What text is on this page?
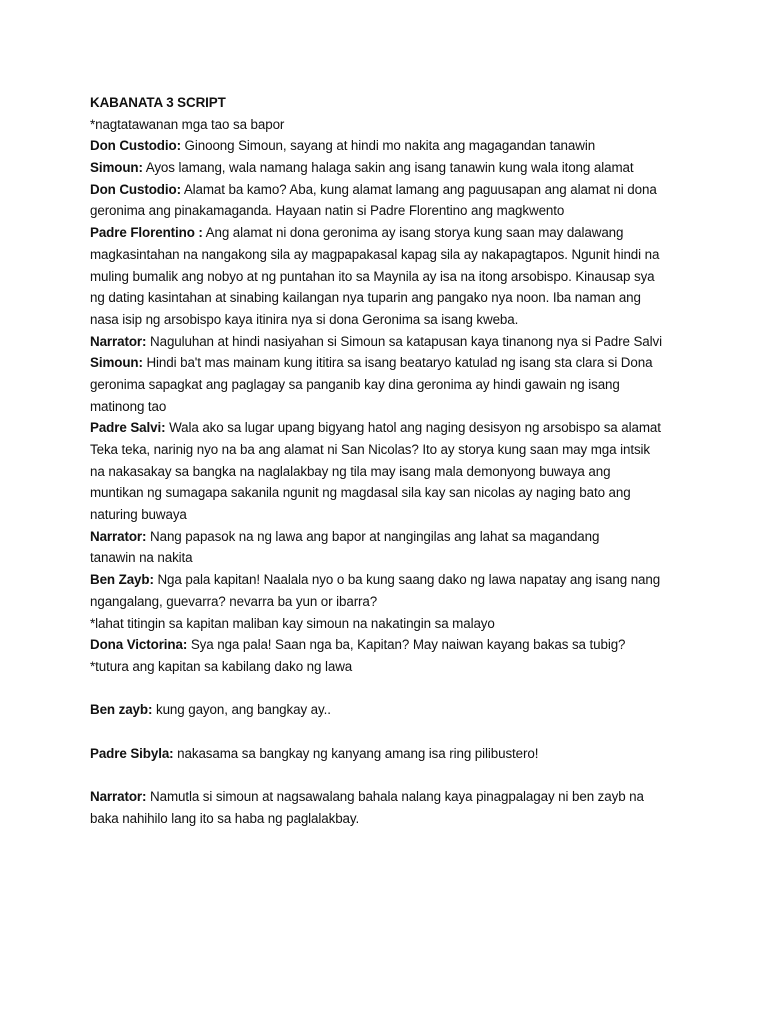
KABANATA 3 SCRIPT

*nagtatawanan mga tao sa bapor

Don Custodio: Ginoong Simoun, sayang at hindi mo nakita ang magagandan tanawin

Simoun: Ayos lamang, wala namang halaga sakin ang isang tanawin kung wala itong alamat

Don Custodio: Alamat ba kamo? Aba, kung alamat lamang ang paguusapan ang alamat ni dona

geronima ang pinakamaganda. Hayaan natin si Padre Florentino ang magkwento

Padre Florentino : Ang alamat ni dona geronima ay isang storya kung saan may dalawang

magkasintahan na nangakong sila ay magpapakasal kapag sila ay nakapagtapos. Ngunit hindi na

muling bumalik ang nobyo at ng puntahan ito sa Maynila ay isa na itong arsobispo. Kinausap sya

ng dating kasintahan at sinabing kailangan nya tuparin ang pangako nya noon. Iba naman ang

nasa isip ng arsobispo kaya itinira nya si dona Geronima sa isang kweba.

Narrator: Naguluhan at hindi nasiyahan si Simoun sa katapusan kaya tinanong nya si Padre Salvi

Simoun: Hindi ba't mas mainam kung ititira sa isang beataryo katulad ng isang sta clara si Dona

geronima sapagkat ang paglagay sa panganib kay dina geronima ay hindi gawain ng isang

matinong tao

Padre Salvi: Wala ako sa lugar upang bigyang hatol ang naging desisyon ng arsobispo sa alamat

Teka teka, narinig nyo na ba ang alamat ni San Nicolas? Ito ay storya kung saan may mga intsik

na nakasakay sa bangka na naglalakbay ng tila may isang mala demonyong buwaya ang

muntikan ng sumagapa sakanila ngunit ng magdasal sila kay san nicolas ay naging bato ang

naturing buwaya

Narrator: Nang papasok na ng lawa ang bapor at nangingilas ang lahat sa magandang

tanawin na nakita

Ben Zayb: Nga pala kapitan! Naalala nyo o ba kung saang dako ng lawa napatay ang isang nang

ngangalang, guevarra? nevarra ba yun or ibarra?

*lahat titingin sa kapitan maliban kay simoun na nakatingin sa malayo

Dona Victorina: Sya nga pala! Saan nga ba, Kapitan? May naiwan kayang bakas sa tubig?

*tutura ang kapitan sa kabilang dako ng lawa

Ben zayb: kung gayon, ang bangkay ay..

Padre Sibyla: nakasama sa bangkay ng kanyang amang isa ring pilibustero!

Narrator: Namutla si simoun at nagsawalang bahala nalang kaya pinagpalagay ni ben zayb na

baka nahihilo lang ito sa haba ng paglalakbay.
